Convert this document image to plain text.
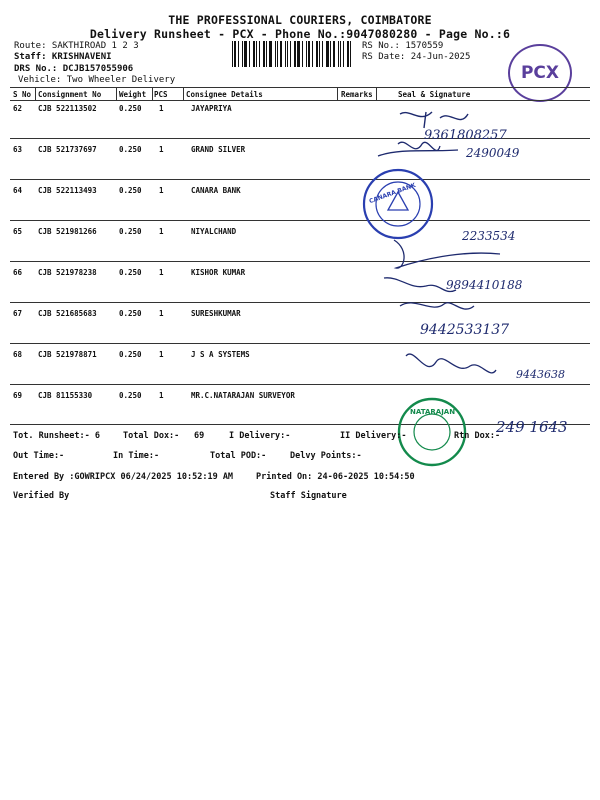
THE PROFESSIONAL COURIERS, COIMBATORE
Delivery Runsheet - PCX - Phone No.:9047080280 - Page No.:6
Route: SAKTHIROAD 1 2 3
Staff: KRISHNAVENI
DRS No.: DCJB157055906
Vehicle: Two Wheeler Delivery
RS No.: 1570559
RS Date: 24-Jun-2025
PCX
S No Consignment No Weight PCS Consignee Details	Remarks	Seal & Signature
62 CJB 522113502	0.250 1	JAYAPRIYA
63 CJB 521737697	0.250 1	GRAND SILVER
64 CJB 522113493	0.250 1	CANARA BANK
65 CJB 521981266	0.250 1	NIYALCHAND
66 CJB 521978238	0.250 1	KISHOR KUMAR
67 CJB 521685683	0.250 1	SURESHKUMAR
68 CJB 521978871	0.250 1	J S A SYSTEMS
69 CJB 81155330	0.250 1	MR.C.NATARAJAN SURVEYOR
9361808257
2490049
2233534
9894410188
9442533137
9443638
249 1643
CANARA BANK
NATARAJAN
Tot. Runsheet:- 6	Total Dox:- 69	I Delivery:-	II Delivery:-	Rtn Dox:-
Out Time:-	In Time:-	Total POD:-	Delvy Points:-
Entered By :GOWRIPCX 06/24/2025 10:52:19 AM	Printed On: 24-06-2025 10:54:50
Verified By	Staff Signature
